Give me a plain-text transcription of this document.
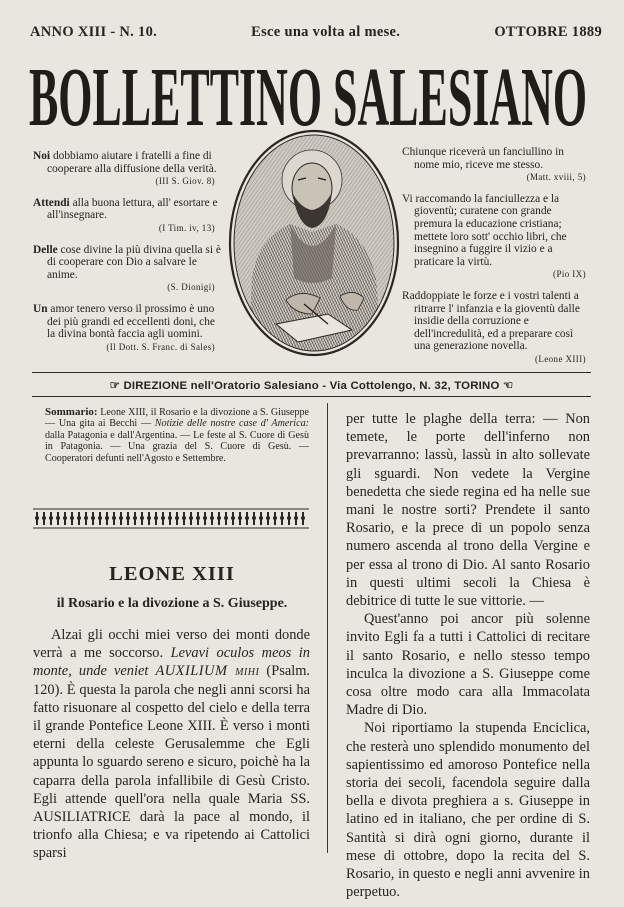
ANNO XIII - N. 10.	Esce una volta al mese.	OTTOBRE 1889
BOLLETTINO SALESIANO

Noi dobbiamo aiutare i fratelli a fine di cooperare alla diffusione della verità.

(III S. Giov. 8)

Attendi alla buona lettura, all' esortare e all'insegnare.

(I Tim. iv, 13)

Delle cose divine la più divina quella si è di cooperare con Dio a salvare le anime.

(S. Dionigi)

Un amor tenero verso il prossimo è uno dei più grandi ed eccellenti doni, che la divina bontà faccia agli uomini.

(Il Dott. S. Franc. di Sales)

Chiunque riceverà un fanciullino in nome mio, riceve me stesso.

(Matt. xviii, 5)

Vi raccomando la fanciullezza e la gioventù; curatene con grande premura la educazione cristiana; mettete loro sott' occhio libri, che insegnino a fuggire il vizio e a praticare la virtù.

(Pio IX)

Raddoppiate le forze e i vostri talenti a ritrarre l' infanzia e la gioventù dalle insidie della corruzione e dell'incredulità, ed a preparare così una generazione novella.

(Leone XIII)
☞ DIREZIONE nell'Oratorio Salesiano - Via Cottolengo, N. 32, TORINO ☜
Sommario: Leone XIII, il Rosario e la divozione a S. Giuseppe — Una gita ai Becchi — Notizie delle nostre case d' America: dalla Patagonia e dall'Argentina. — Le feste al S. Cuore di Gesù in Patagonia. — Una grazia del S. Cuore di Gesù. — Cooperatori defunti nell'Agosto e Settembre.
LEONE XIII
il Rosario e la divozione a S. Giuseppe.

Alzai gli occhi miei verso dei monti donde verrà a me soccorso. Levavi oculos meos in monte, unde veniet AUXILIUM mihi (Psalm. 120). È questa la parola che negli anni scorsi ha fatto risuonare al cospetto del cielo e della terra il grande Pontefice Leone XIII. È verso i monti eterni della celeste Gerusalemme che Egli appunta lo sguardo sereno e sicuro, poichè ha la caparra della parola infallibile di Gesù Cristo. Egli attende quell'ora nella quale Maria SS. AUSILIATRICE darà la pace al mondo, il trionfo alla Chiesa; e va ripetendo ai Cattolici sparsi

per tutte le plaghe della terra: — Non temete, le porte dell'inferno non prevarranno: lassù, lassù in alto sollevate gli sguardi. Non vedete la Vergine benedetta che siede regina ed ha nelle sue mani le nostre sorti? Prendete il santo Rosario, e la prece di un popolo senza numero ascenda al trono della Vergine e per essa al trono di Dio. Al santo Rosario in questi ultimi secoli la Chiesa è debitrice di tutte le sue vittorie. —

Quest'anno poi ancor più solenne invito Egli fa a tutti i Cattolici di recitare il santo Rosario, e nello stesso tempo inculca la divozione a S. Giuseppe come cosa oltre modo cara alla Immacolata Madre di Dio.

Noi riportiamo la stupenda Enciclica, che resterà uno splendido monumento del sapientissimo ed amoroso Pontefice nella storia dei secoli, facendola seguire dalla bella e divota preghiera a s. Giuseppe in latino ed in italiano, che per ordine di S. Santità si dirà ogni giorno, durante il mese di ottobre, dopo la recita del S. Rosario, in questo e negli anni avvenire in perpetuo.
